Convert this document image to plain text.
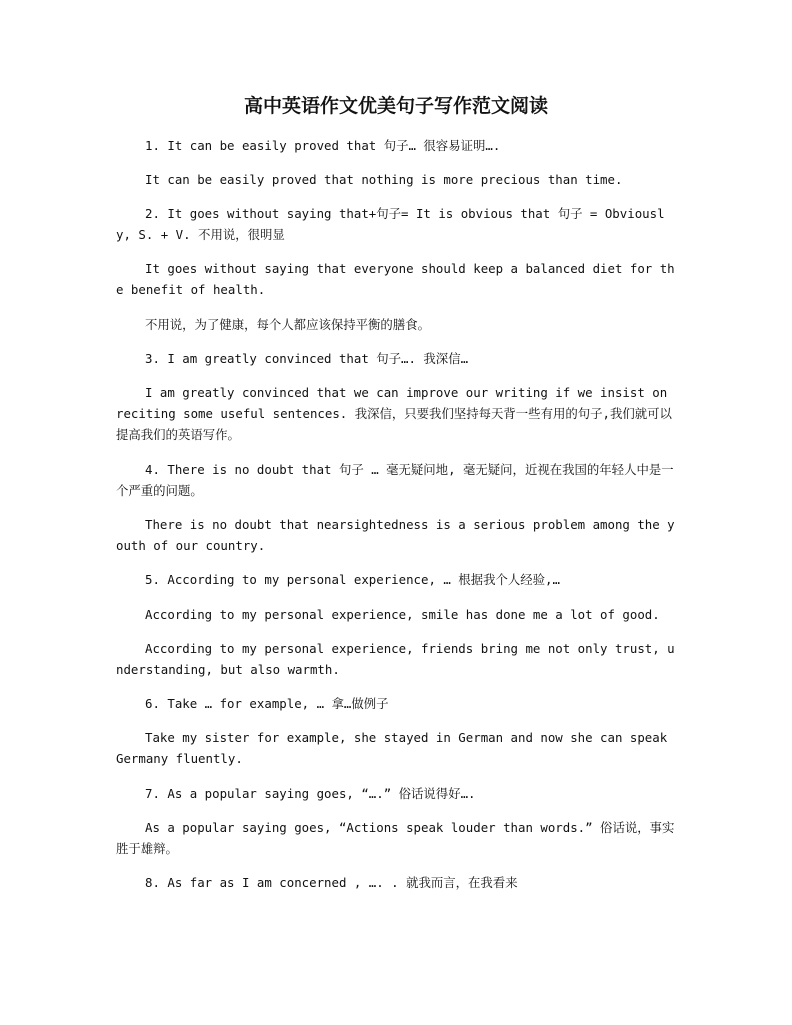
高中英语作文优美句子写作范文阅读

1. It can be easily proved that 句子… 很容易证明….

It can be easily proved that nothing is more precious than time.

2. It goes without saying that+句子= It is obvious that 句子 = Obviously, S. + V. 不用说，很明显

It goes without saying that everyone should keep a balanced diet for the benefit of health.

不用说，为了健康，每个人都应该保持平衡的膳食。

3. I am greatly convinced that 句子…. 我深信…

I am greatly convinced that we can improve our writing if we insist on reciting some useful sentences. 我深信，只要我们坚持每天背一些有用的句子,我们就可以提高我们的英语写作。

4. There is no doubt that 句子 … 毫无疑问地, 毫无疑问，近视在我国的年轻人中是一个严重的问题。

There is no doubt that nearsightedness is a serious problem among the youth of our country.

5. According to my personal experience, … 根据我个人经验,…

According to my personal experience, smile has done me a lot of good.

According to my personal experience, friends bring me not only trust, understanding, but also warmth.

6. Take … for example, … 拿…做例子

Take my sister for example, she stayed in German and now she can speak Germany fluently.

7. As a popular saying goes, “….” 俗话说得好….

As a popular saying goes, “Actions speak louder than words.” 俗话说，事实胜于雄辩。

8. As far as I am concerned , …. . 就我而言，在我看来
